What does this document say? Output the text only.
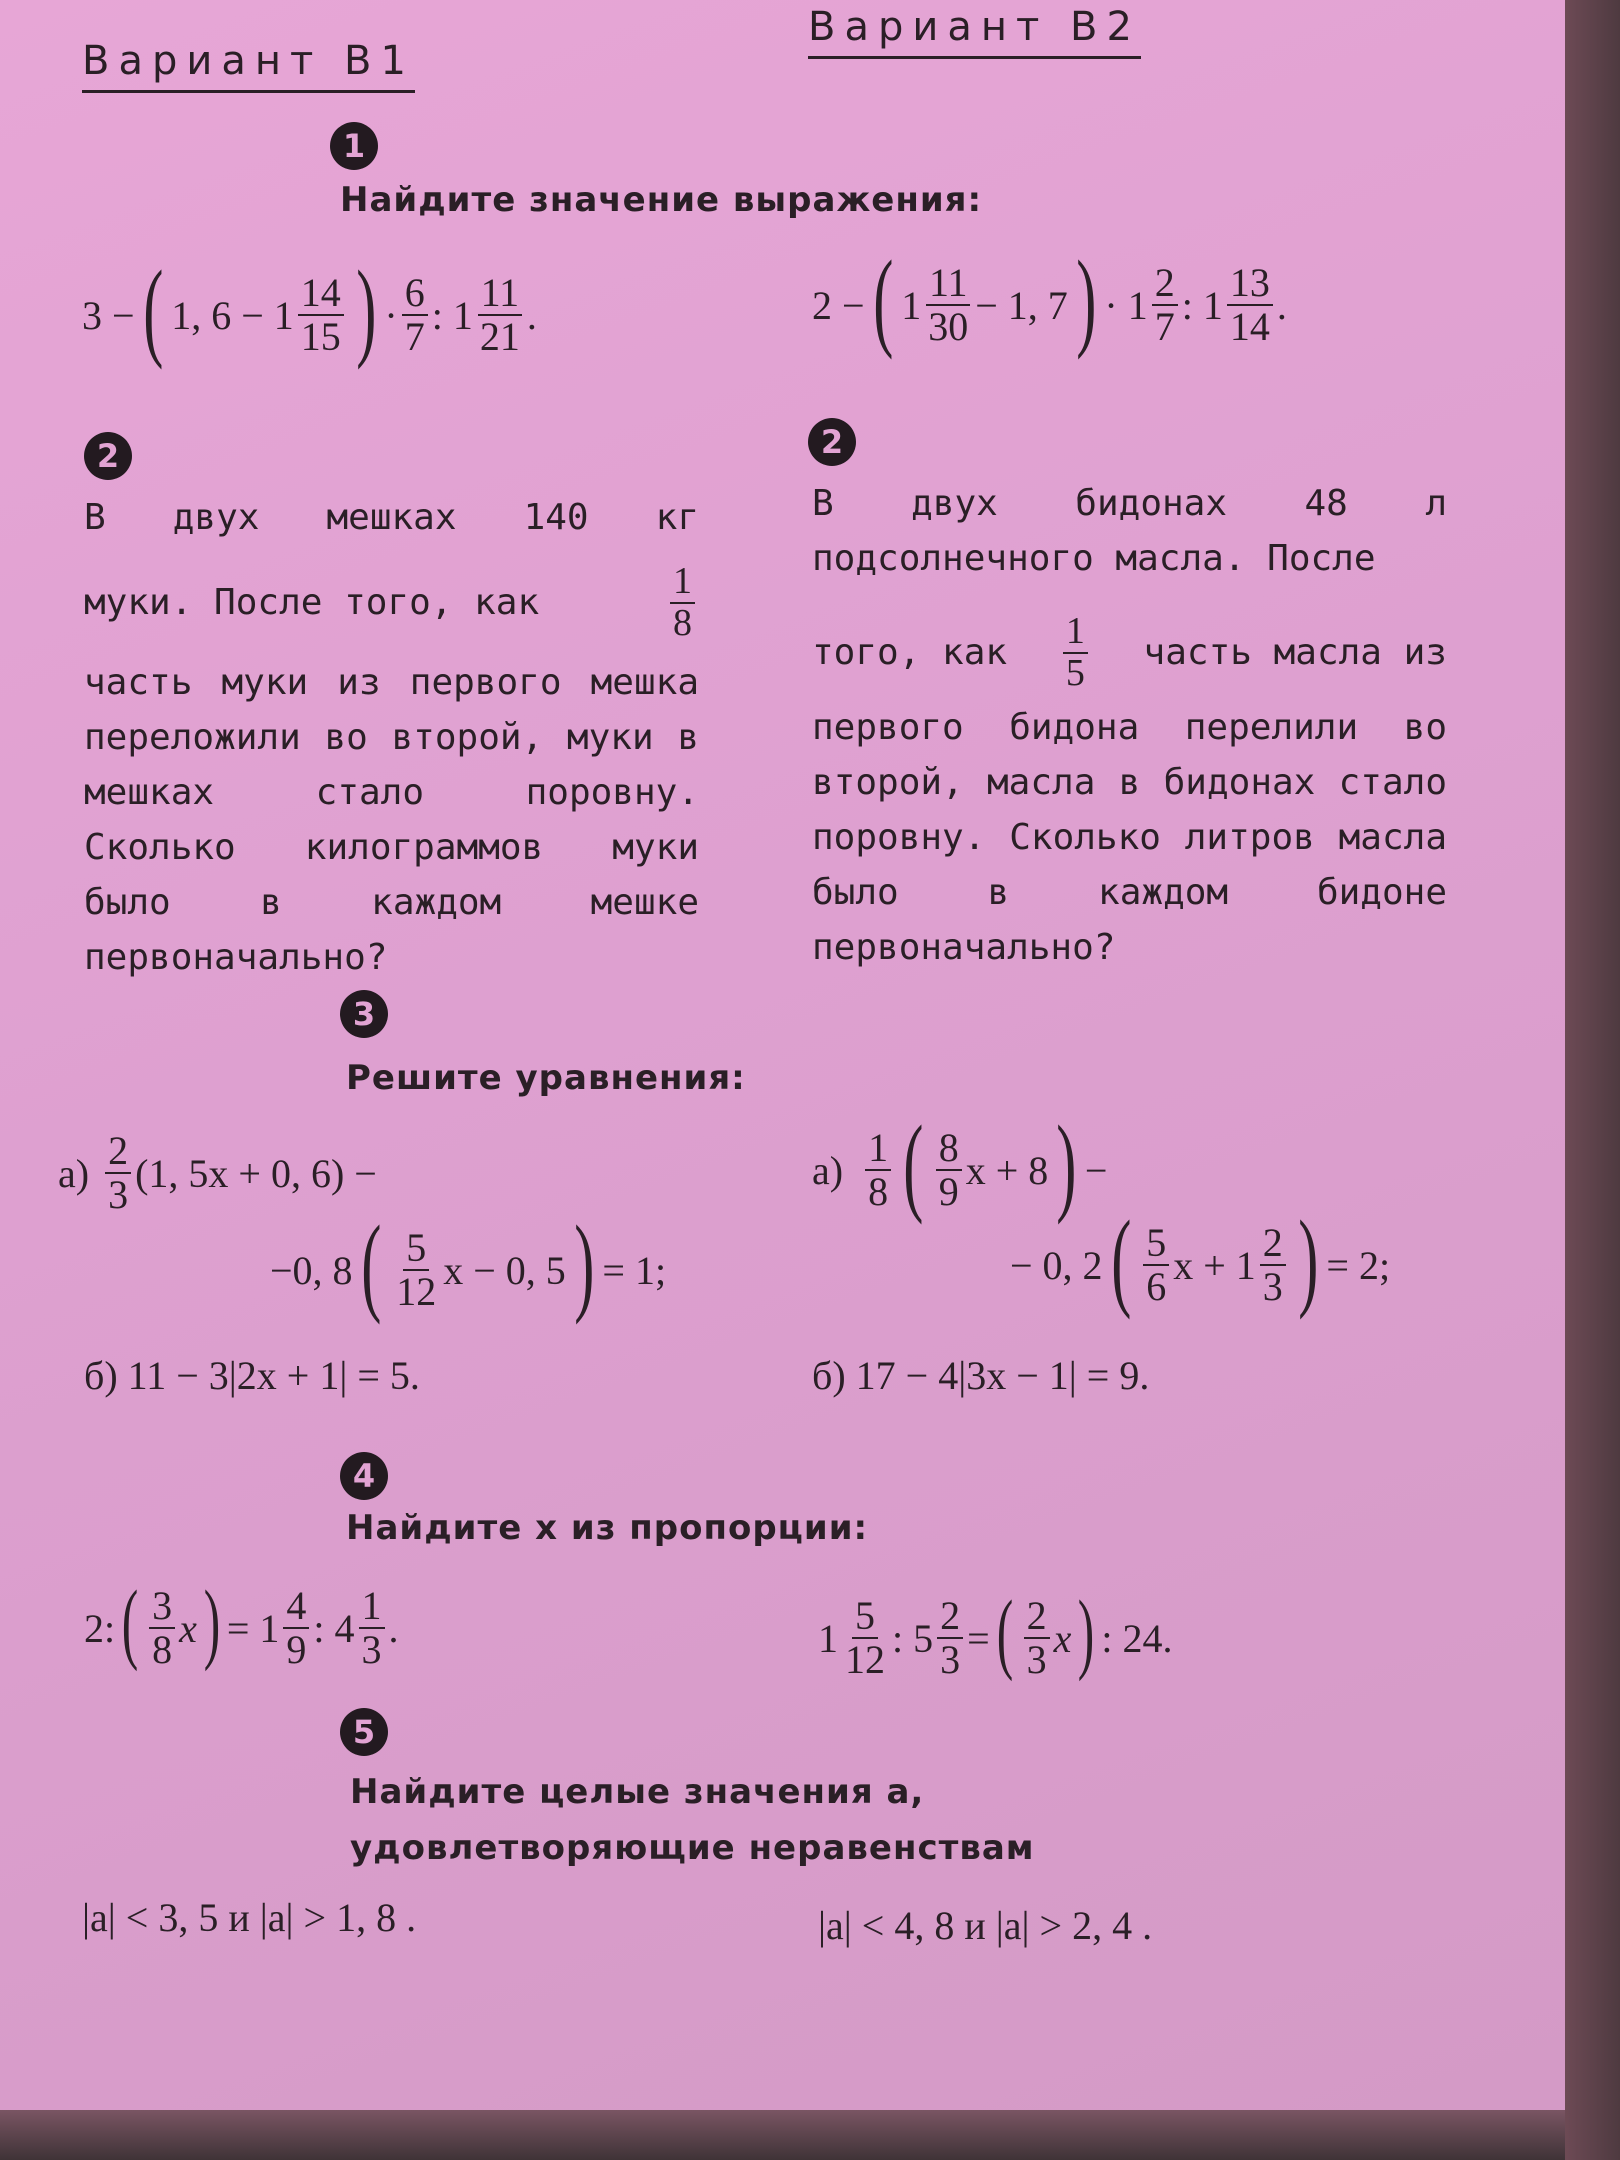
Вариант В1
Вариант В2
1
Найдите значение выражения:
3 − ( 1, $6 - 1 \frac{14}{15}$ ) · $\frac{6}{7}$ : $1 \frac{11}{21}$ .	2 − ( $1 \frac{11}{30} - 1$, 7 ) · $1 \frac{2}{7}$ : $1 \frac{13}{14}$ .
2	2
В двух мешках 140 кг
муки. После того, как	$\frac{1}{8}$
часть муки из первого мешка переложили во второй, муки в мешках стало поровну. Сколько килограммов муки было в каждом мешке первоначально?
В двух бидонах 48 л подсолнечного масла. После
того, как $\frac{1}{5}$ часть масла из
первого бидона перелили во второй, масла в бидонах стало поровну. Сколько литров масла было в каждом бидоне первоначально?
3
Решите уравнения:
$а) \frac{2}{3} (1$, 5x + 0, 6) −
−0, 8 ( $\frac{5}{12}$ x − 0, 5 ) = 1;
б) 11 − 3|2x + 1| = 5.
$а) \frac{1}{8}$ ( $\frac{8}{9}$ x + 8 ) −
− 0, 2 ( $\frac{5}{6}$ $x + 1 \frac{2}{3}$ ) = 2;
б) 17 − 4|3x − 1| = 9.
4
Найдите x из пропорции:
2: ( $\frac{3}{8}$ x ) = $1 \frac{4}{9}$ : $4 \frac{1}{3}$ .	$1 \frac{5}{12}$ : $5 \frac{2}{3}$ = ( $\frac{2}{3}$ x ) : 24.
5
Найдите целые значения a,
удовлетворяющие неравенствам
|a| < 3, 5 и |a| > 1, 8 .	|a| < 4, 8 и |a| > 2, 4 .
